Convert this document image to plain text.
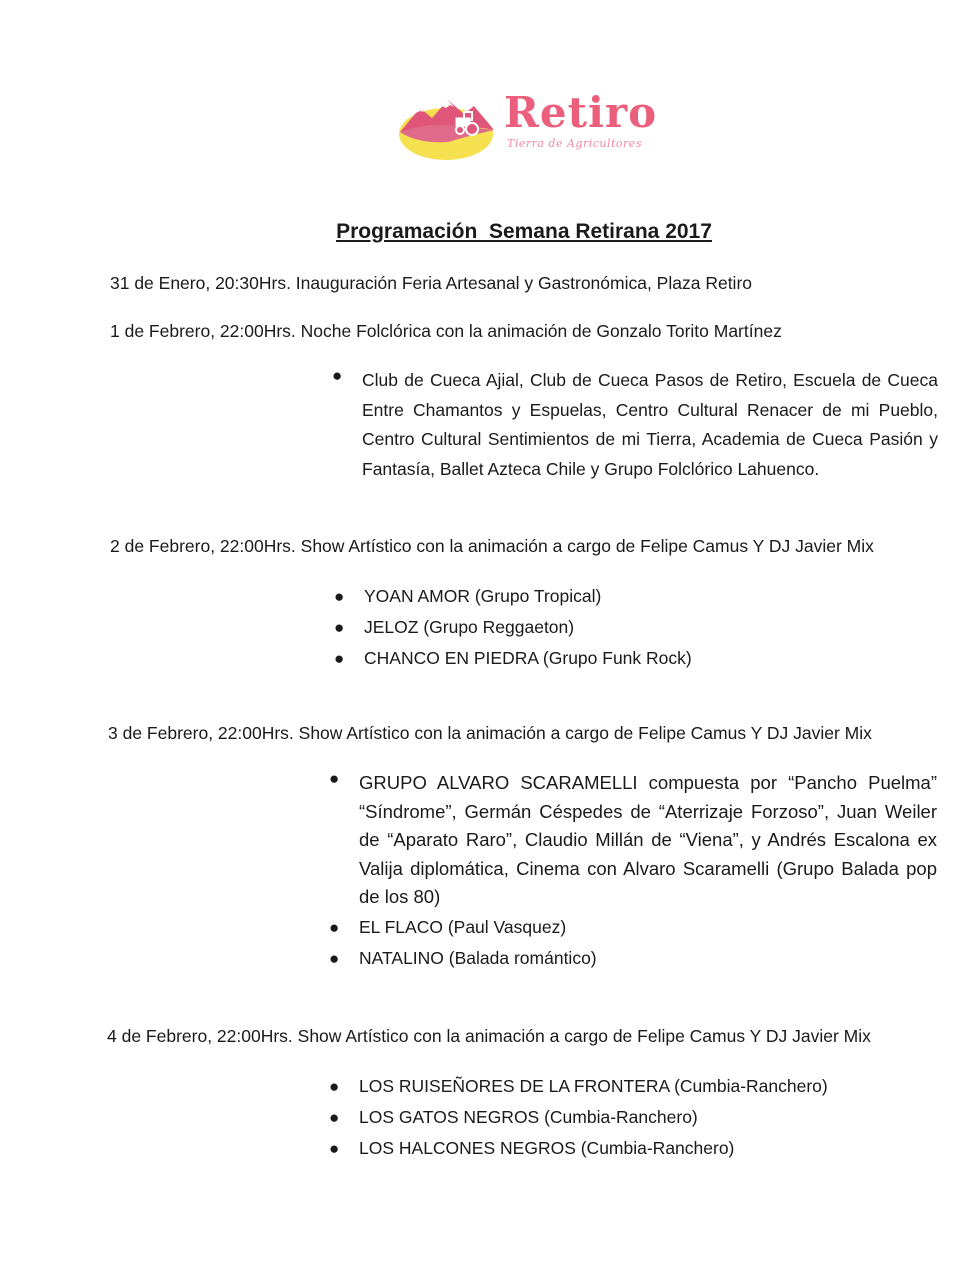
Retiro
Tierra de Agricultores
Programación  Semana Retirana 2017
31 de Enero, 20:30Hrs. Inauguración Feria Artesanal y Gastronómica, Plaza Retiro
1 de Febrero, 22:00Hrs. Noche Folclórica con la animación de Gonzalo Torito Martínez
● Club de Cueca Ajial, Club de Cueca Pasos de Retiro, Escuela de Cueca Entre Chamantos y Espuelas, Centro Cultural Renacer de mi Pueblo, Centro Cultural Sentimientos de mi Tierra, Academia de Cueca Pasión y Fantasía, Ballet Azteca Chile y Grupo Folclórico Lahuenco.
2 de Febrero, 22:00Hrs. Show Artístico con la animación a cargo de Felipe Camus Y DJ Javier Mix
● YOAN AMOR (Grupo Tropical)
● JELOZ (Grupo Reggaeton)
● CHANCO EN PIEDRA (Grupo Funk Rock)
3 de Febrero, 22:00Hrs. Show Artístico con la animación a cargo de Felipe Camus Y DJ Javier Mix
● GRUPO ALVARO SCARAMELLI compuesta por “Pancho Puelma” “Síndrome”, Germán Céspedes de “Aterrizaje Forzoso”, Juan Weiler de “Aparato Raro”, Claudio Millán de “Viena”, y Andrés Escalona ex Valija diplomática, Cinema con Alvaro Scaramelli (Grupo Balada pop de los 80)
● EL FLACO (Paul Vasquez)
● NATALINO (Balada romántico)
4 de Febrero, 22:00Hrs. Show Artístico con la animación a cargo de Felipe Camus Y DJ Javier Mix
● LOS RUISEÑORES DE LA FRONTERA (Cumbia-Ranchero)
● LOS GATOS NEGROS (Cumbia-Ranchero)
● LOS HALCONES NEGROS (Cumbia-Ranchero)
